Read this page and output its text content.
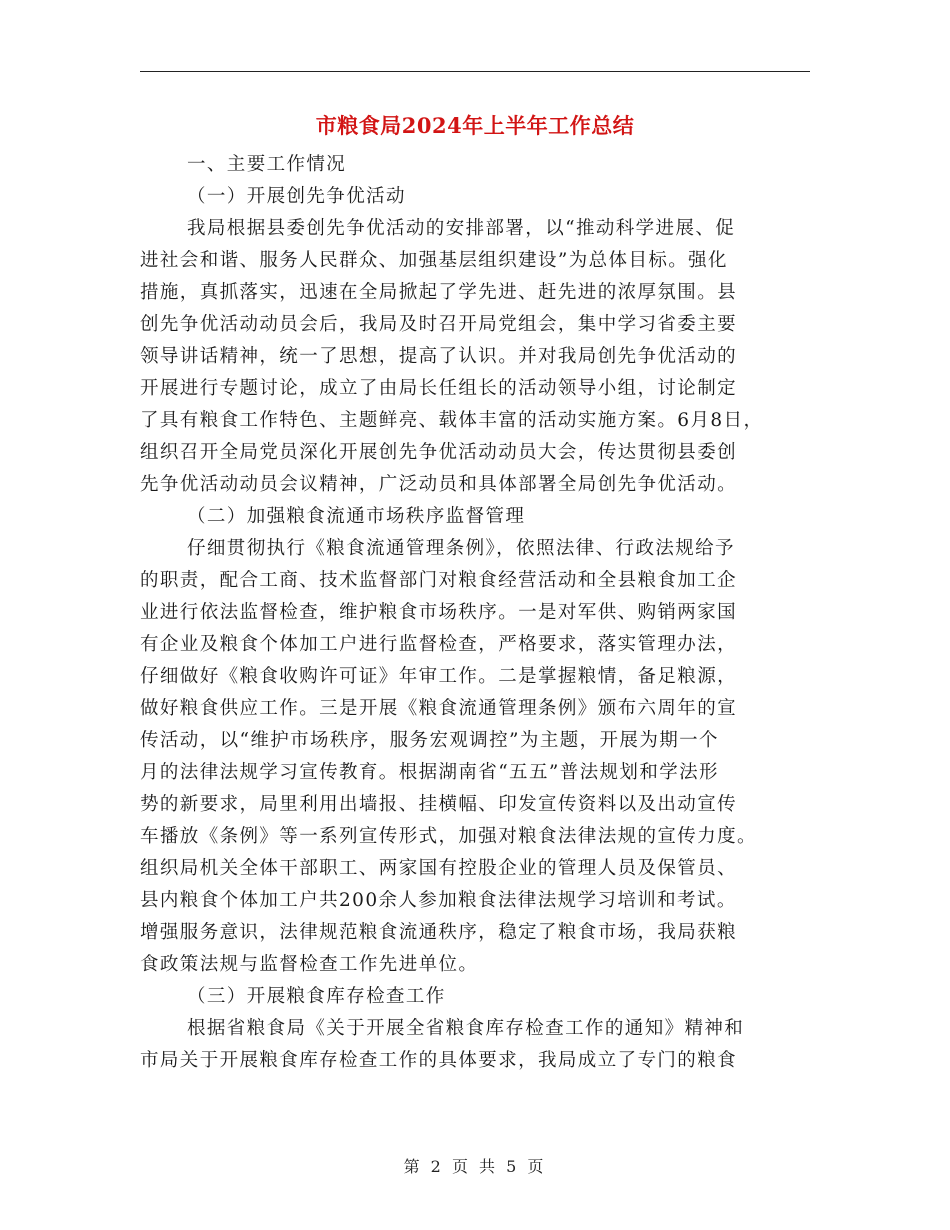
市粮食局2024年上半年工作总结
一、主要工作情况
（一）开展创先争优活动
我局根据县委创先争优活动的安排部署，以“推动科学进展、促
进社会和谐、服务人民群众、加强基层组织建设”为总体目标。强化
措施，真抓落实，迅速在全局掀起了学先进、赶先进的浓厚氛围。县
创先争优活动动员会后，我局及时召开局党组会，集中学习省委主要
领导讲话精神，统一了思想，提高了认识。并对我局创先争优活动的
开展进行专题讨论，成立了由局长任组长的活动领导小组，讨论制定
了具有粮食工作特色、主题鲜亮、载体丰富的活动实施方案。6月8日，
组织召开全局党员深化开展创先争优活动动员大会，传达贯彻县委创
先争优活动动员会议精神，广泛动员和具体部署全局创先争优活动。
（二）加强粮食流通市场秩序监督管理
仔细贯彻执行《粮食流通管理条例》，依照法律、行政法规给予
的职责，配合工商、技术监督部门对粮食经营活动和全县粮食加工企
业进行依法监督检查，维护粮食市场秩序。一是对军供、购销两家国
有企业及粮食个体加工户进行监督检查，严格要求，落实管理办法，
仔细做好《粮食收购许可证》年审工作。二是掌握粮情，备足粮源，
做好粮食供应工作。三是开展《粮食流通管理条例》颁布六周年的宣
传活动，以“维护市场秩序，服务宏观调控”为主题，开展为期一个
月的法律法规学习宣传教育。根据湖南省“五五”普法规划和学法形
势的新要求，局里利用出墙报、挂横幅、印发宣传资料以及出动宣传
车播放《条例》等一系列宣传形式，加强对粮食法律法规的宣传力度。
组织局机关全体干部职工、两家国有控股企业的管理人员及保管员、
县内粮食个体加工户共200余人参加粮食法律法规学习培训和考试。
增强服务意识，法律规范粮食流通秩序，稳定了粮食市场，我局获粮
食政策法规与监督检查工作先进单位。
（三）开展粮食库存检查工作
根据省粮食局《关于开展全省粮食库存检查工作的通知》精神和
市局关于开展粮食库存检查工作的具体要求，我局成立了专门的粮食
第 2 页 共 5 页
